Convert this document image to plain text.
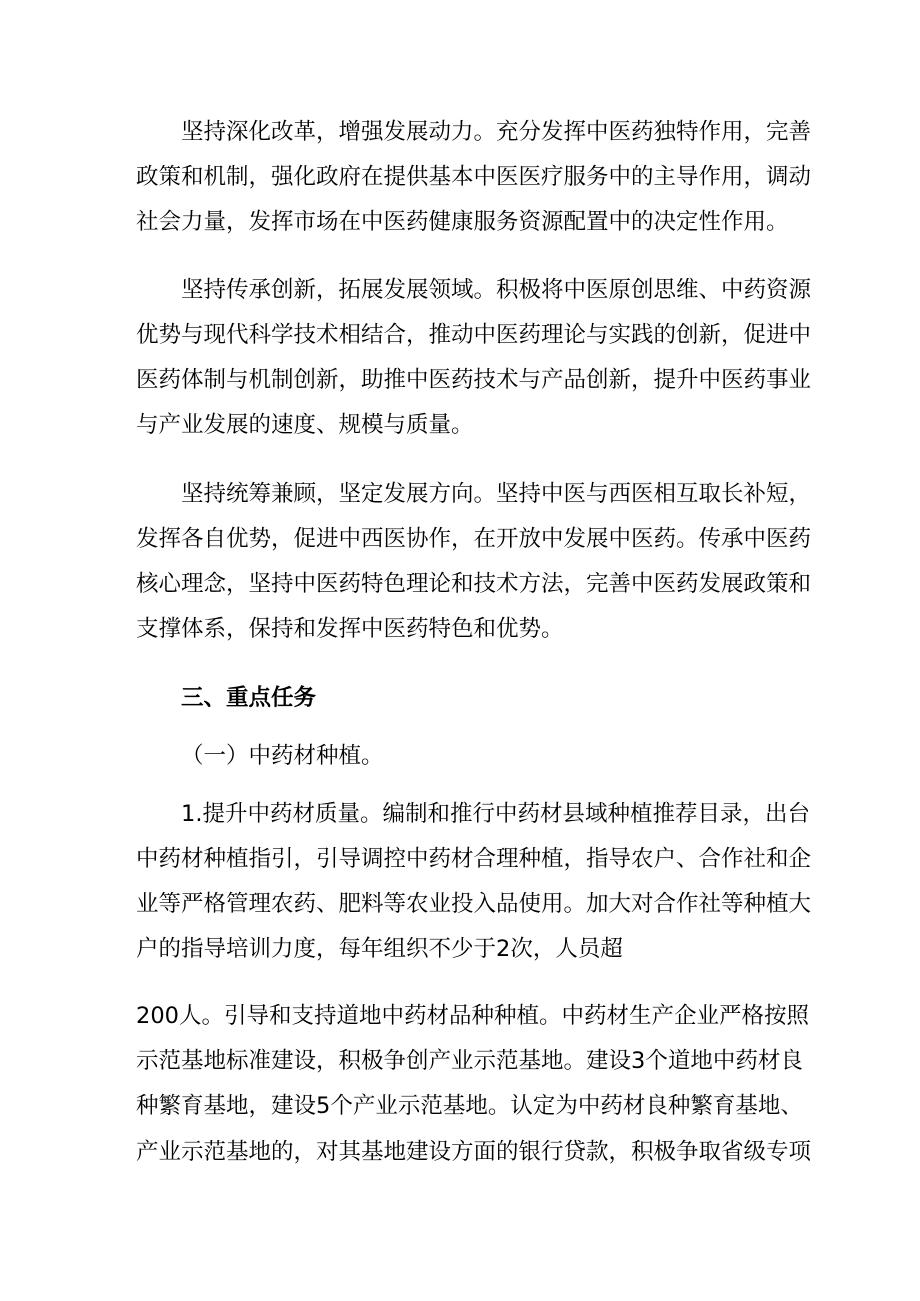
坚持深化改革，增强发展动力。充分发挥中医药独特作用，完善
政策和机制，强化政府在提供基本中医医疗服务中的主导作用，调动
社会力量，发挥市场在中医药健康服务资源配置中的决定性作用。
坚持传承创新，拓展发展领域。积极将中医原创思维、中药资源
优势与现代科学技术相结合，推动中医药理论与实践的创新，促进中
医药体制与机制创新，助推中医药技术与产品创新，提升中医药事业
与产业发展的速度、规模与质量。
坚持统筹兼顾，坚定发展方向。坚持中医与西医相互取长补短，
发挥各自优势，促进中西医协作，在开放中发展中医药。传承中医药
核心理念，坚持中医药特色理论和技术方法，完善中医药发展政策和
支撑体系，保持和发挥中医药特色和优势。
三、重点任务
（一）中药材种植。
1.提升中药材质量。编制和推行中药材县域种植推荐目录，出台
中药材种植指引，引导调控中药材合理种植，指导农户、合作社和企
业等严格管理农药、肥料等农业投入品使用。加大对合作社等种植大
户的指导培训力度，每年组织不少于2次，人员超
200人。引导和支持道地中药材品种种植。中药材生产企业严格按照
示范基地标准建设，积极争创产业示范基地。建设3个道地中药材良
种繁育基地，建设5个产业示范基地。认定为中药材良种繁育基地、
产业示范基地的，对其基地建设方面的银行贷款，积极争取省级专项
